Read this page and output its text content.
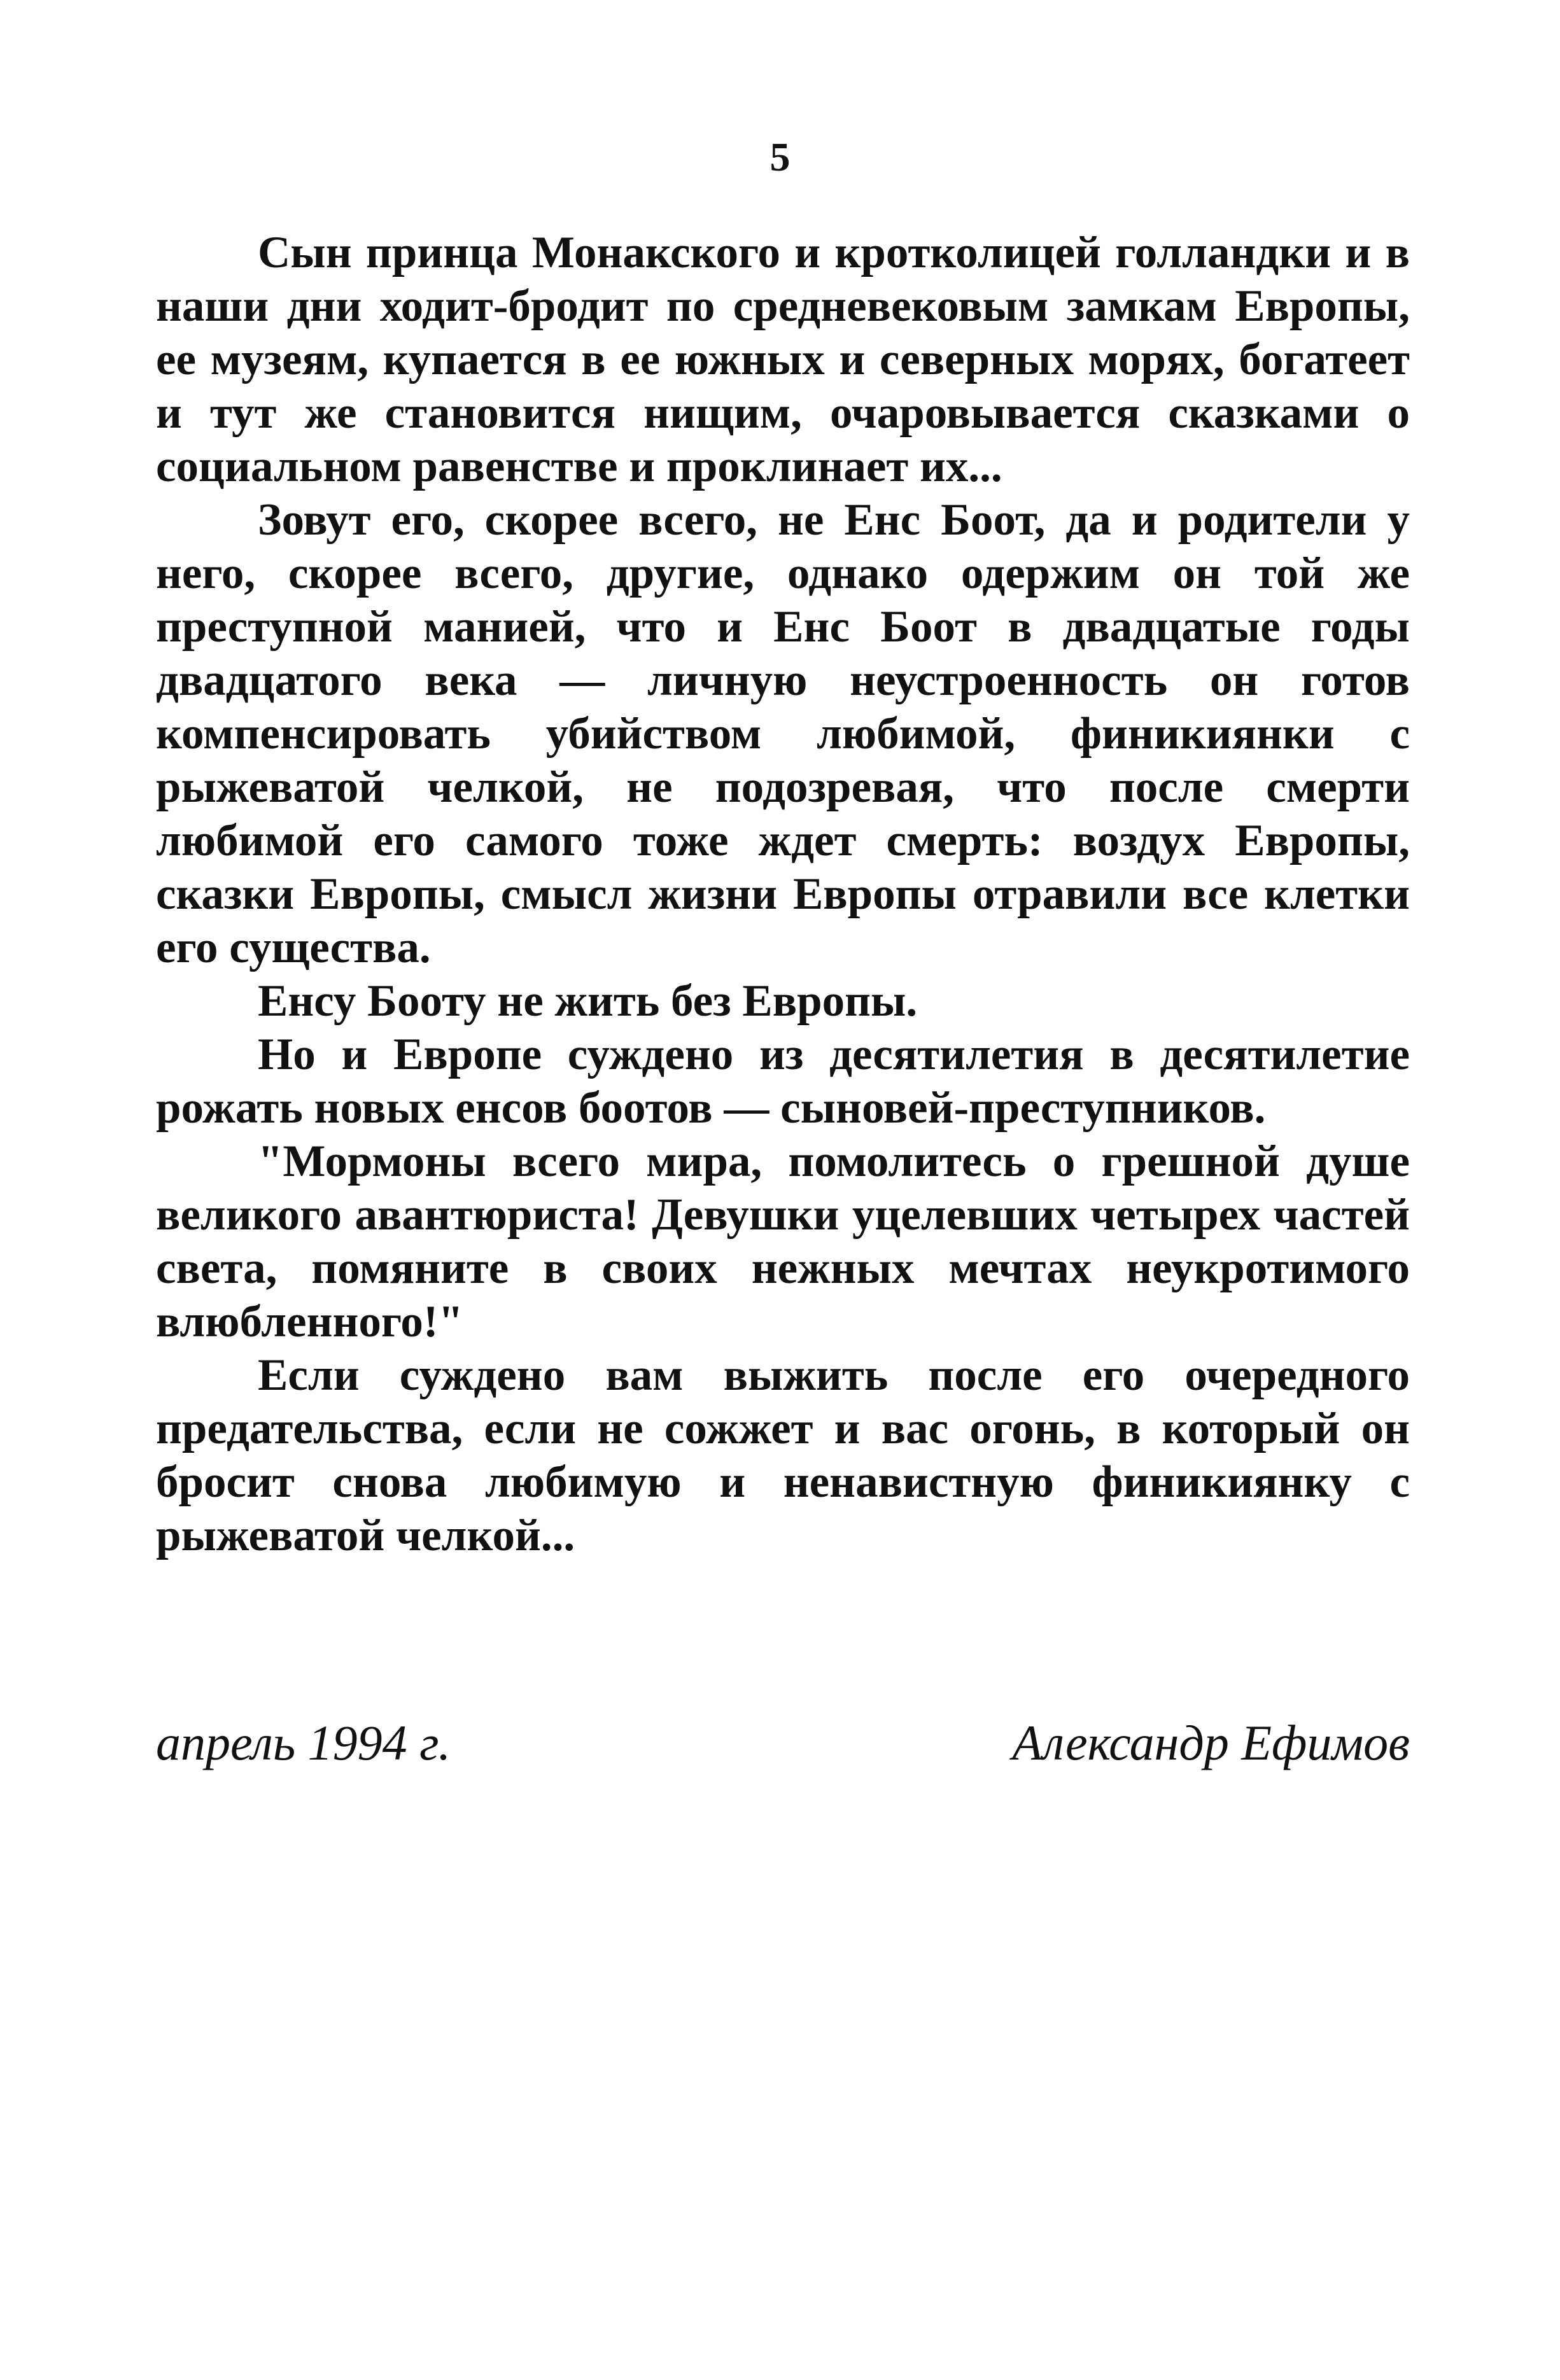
5

Сын принца Монакского и кротколицей голландки и в наши дни ходит-бродит по средневековым замкам Европы, ее музеям, купается в ее южных и северных морях, богатеет и тут же становится нищим, очаровывается сказками о социальном равенстве и проклинает их...

Зовут его, скорее всего, не Енс Боот, да и родители у него, скорее всего, другие, однако одержим он той же преступной манией, что и Енс Боот в двадцатые годы двадцатого века — личную неустроенность он готов компенсировать убийством любимой, финикиянки с рыжеватой челкой, не подозревая, что после смерти любимой его самого тоже ждет смерть: воздух Европы, сказки Европы, смысл жизни Европы отравили все клетки его существа.

Енсу Бооту не жить без Европы.

Но и Европе суждено из десятилетия в десятилетие рожать новых енсов боотов — сыновей-преступников.

"Мормоны всего мира, помолитесь о грешной душе великого авантюриста! Девушки уцелевших четырех частей света, помяните в своих нежных мечтах неукротимого влюбленного!"

Если суждено вам выжить после его очередного предательства, если не сожжет и вас огонь, в который он бросит снова любимую и ненавистную финикиянку с рыжеватой челкой...

апрель 1994 г.	Александр Ефимов
